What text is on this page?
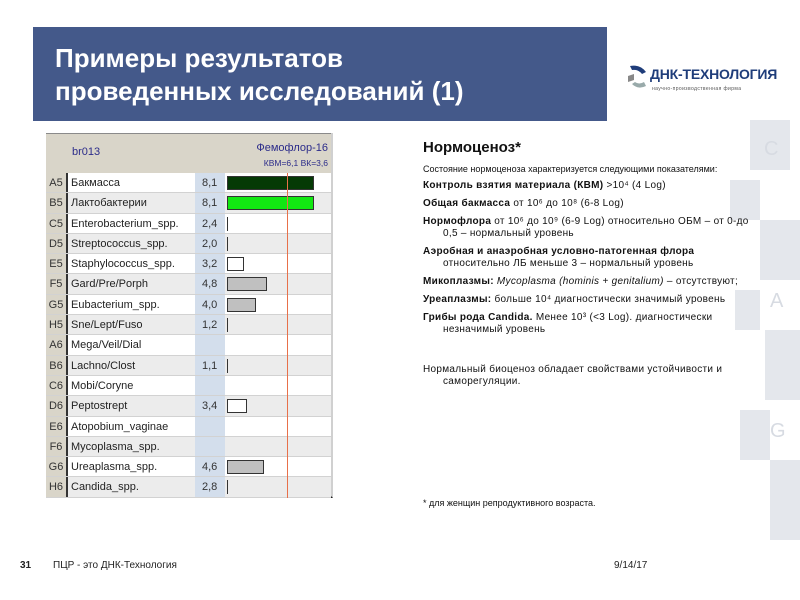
C
A
G
Примеры результатов
проведенных исследований (1)
ДНК-ТЕХНОЛОГИЯ
научно-производственная фирма
br013	Фемофлор-16
КВМ=6,1 ВК=3,6
A5 Бакмасса	8,1
B5 Лактобактерии	8,1
C5 Enterobacterium_spp.	2,4
D5 Streptococcus_spp.	2,0
E5 Staphylococcus_spp.	3,2
F5 Gard/Pre/Porph	4,8
G5 Eubacterium_spp.	4,0
H5 Sne/Lept/Fuso	1,2
A6 Mega/Veil/Dial
B6 Lachno/Clost	1,1
C6 Mobi/Coryne
D6 Peptostrept	3,4
E6 Atopobium_vaginae
F6 Mycoplasma_spp.
G6 Ureaplasma_spp.	4,6
H6 Candida_spp.	2,8
Нормоценоз*
Состояние нормоценоза характеризуется следующими показателями:
Контроль взятия материала (КВМ) >10⁴ (4 Log)
Общая бакмасса от 10⁶ до 10⁸ (6-8 Log)
Нормофлора от 10⁶ до 10⁹ (6-9 Log) относительно ОБМ – от 0-до 0,5 – нормальный уровень
Аэробная и анаэробная условно-патогенная флора относительно ЛБ меньше 3 – нормальный уровень
Микоплазмы: Mycoplasma (hominis + genitalium) – отсутствуют;
Уреаплазмы: больше 10⁴ диагностически значимый уровень
Грибы рода Candida. Менее 10³ (<3 Log). диагностически незначимый уровень
Нормальный биоценоз обладает свойствами устойчивости и саморегуляции.
* для женщин репродуктивного возраста.
31 ПЦР - это ДНК-Технология	9/14/17
